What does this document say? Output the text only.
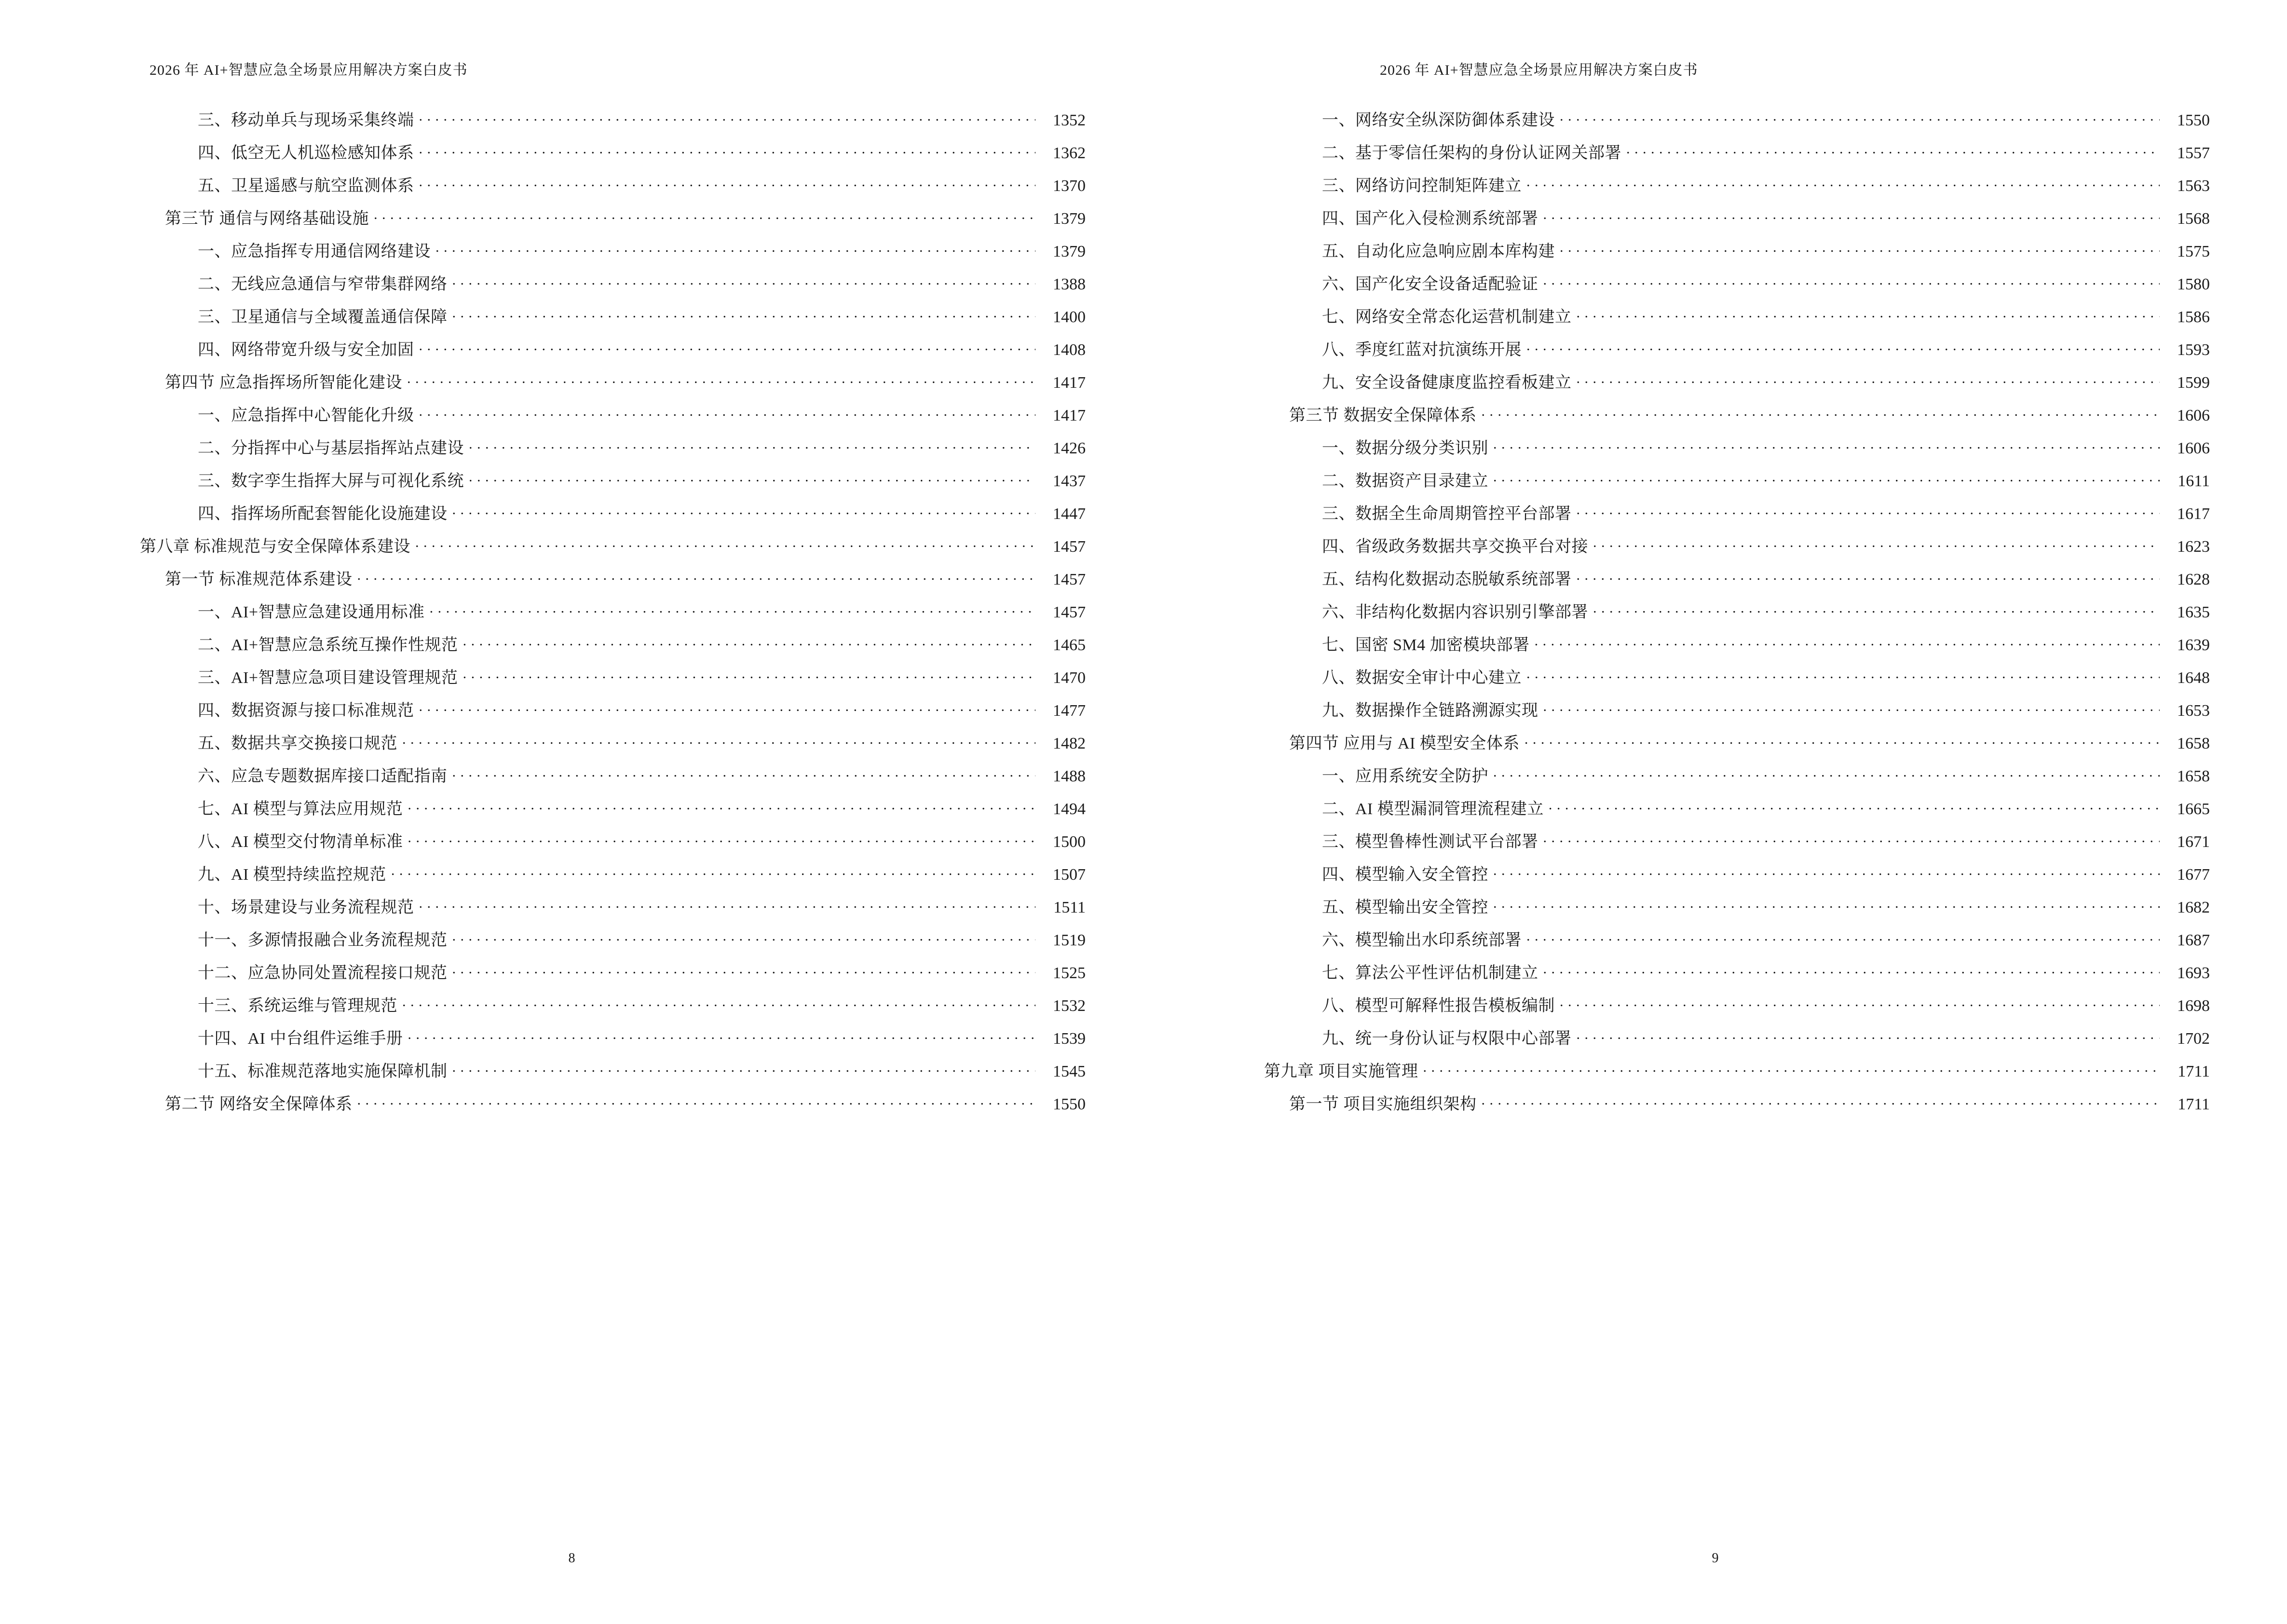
2026 年 AI+智慧应急全场景应用解决方案白皮书
三、移动单兵与现场采集终端 . . .	1352
四、低空无人机巡检感知体系 . . .	1362
五、卫星遥感与航空监测体系 . . .	1370
第三节 通信与网络基础设施 . . .	1379
一、应急指挥专用通信网络建设 . . .	1379
二、无线应急通信与窄带集群网络 . . .	1388
三、卫星通信与全域覆盖通信保障 . . .	1400
四、网络带宽升级与安全加固 . . .	1408
第四节 应急指挥场所智能化建设 . . .	1417
一、应急指挥中心智能化升级 . . .	1417
二、分指挥中心与基层指挥站点建设 . . .	1426
三、数字孪生指挥大屏与可视化系统 . . .	1437
四、指挥场所配套智能化设施建设 . . .	1447
第八章 标准规范与安全保障体系建设 . . .	1457
第一节 标准规范体系建设 . . .	1457
一、AI+智慧应急建设通用标准 . . .	1457
二、AI+智慧应急系统互操作性规范 . . .	1465
三、AI+智慧应急项目建设管理规范 . . .	1470
四、数据资源与接口标准规范 . . .	1477
五、数据共享交换接口规范 . . .	1482
六、应急专题数据库接口适配指南 . . .	1488
七、AI 模型与算法应用规范 . . .	1494
八、AI 模型交付物清单标准 . . .	1500
九、AI 模型持续监控规范 . . .	1507
十、场景建设与业务流程规范 . . .	1511
十一、多源情报融合业务流程规范 . . .	1519
十二、应急协同处置流程接口规范 . . .	1525
十三、系统运维与管理规范 . . .	1532
十四、AI 中台组件运维手册 . . .	1539
十五、标准规范落地实施保障机制 . . .	1545
第二节 网络安全保障体系 . . .	1550
8
2026 年 AI+智慧应急全场景应用解决方案白皮书
一、网络安全纵深防御体系建设 . . .	1550
二、基于零信任架构的身份认证网关部署 . . .	1557
三、网络访问控制矩阵建立 . . .	1563
四、国产化入侵检测系统部署 . . .	1568
五、自动化应急响应剧本库构建 . . .	1575
六、国产化安全设备适配验证 . . .	1580
七、网络安全常态化运营机制建立 . . .	1586
八、季度红蓝对抗演练开展 . . .	1593
九、安全设备健康度监控看板建立 . . .	1599
第三节 数据安全保障体系 . . .	1606
一、数据分级分类识别 . . .	1606
二、数据资产目录建立 . . .	1611
三、数据全生命周期管控平台部署 . . .	1617
四、省级政务数据共享交换平台对接 . . .	1623
五、结构化数据动态脱敏系统部署 . . .	1628
六、非结构化数据内容识别引擎部署 . . .	1635
七、国密 SM4 加密模块部署 . . .	1639
八、数据安全审计中心建立 . . .	1648
九、数据操作全链路溯源实现 . . .	1653
第四节 应用与 AI 模型安全体系 . . .	1658
一、应用系统安全防护 . . .	1658
二、AI 模型漏洞管理流程建立 . . .	1665
三、模型鲁棒性测试平台部署 . . .	1671
四、模型输入安全管控 . . .	1677
五、模型输出安全管控 . . .	1682
六、模型输出水印系统部署 . . .	1687
七、算法公平性评估机制建立 . . .	1693
八、模型可解释性报告模板编制 . . .	1698
九、统一身份认证与权限中心部署 . . .	1702
第九章 项目实施管理 . . .	1711
第一节 项目实施组织架构 . . .	1711
9
